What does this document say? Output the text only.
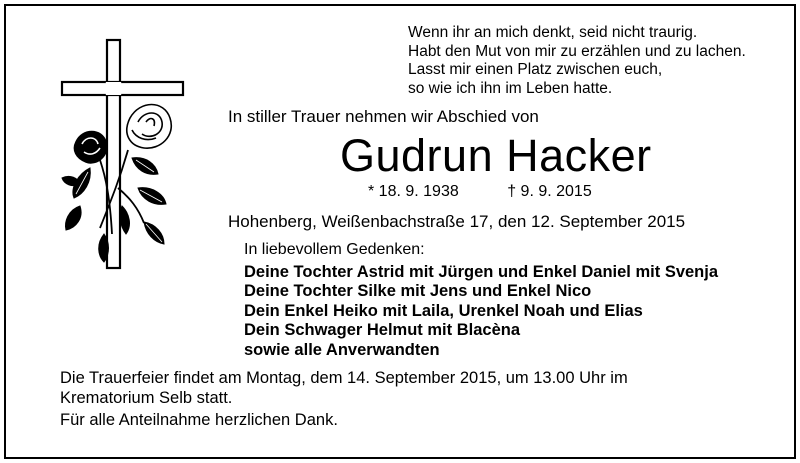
Wenn ihr an mich denkt, seid nicht traurig.
Habt den Mut von mir zu erzählen und zu lachen.
Lasst mir einen Platz zwischen euch,
so wie ich ihn im Leben hatte.
In stiller Trauer nehmen wir Abschied von
Gudrun Hacker
* 18. 9. 1938	† 9. 9. 2015
Hohenberg, Weißenbachstraße 17, den 12. September 2015
In liebevollem Gedenken:
Deine Tochter Astrid mit Jürgen und Enkel Daniel mit Svenja
Deine Tochter Silke mit Jens und Enkel Nico
Dein Enkel Heiko mit Laila, Urenkel Noah und Elias
Dein Schwager Helmut mit Blacèna
sowie alle Anverwandten
Die Trauerfeier findet am Montag, dem 14. September 2015, um 13.00 Uhr im
Krematorium Selb statt.
Für alle Anteilnahme herzlichen Dank.
